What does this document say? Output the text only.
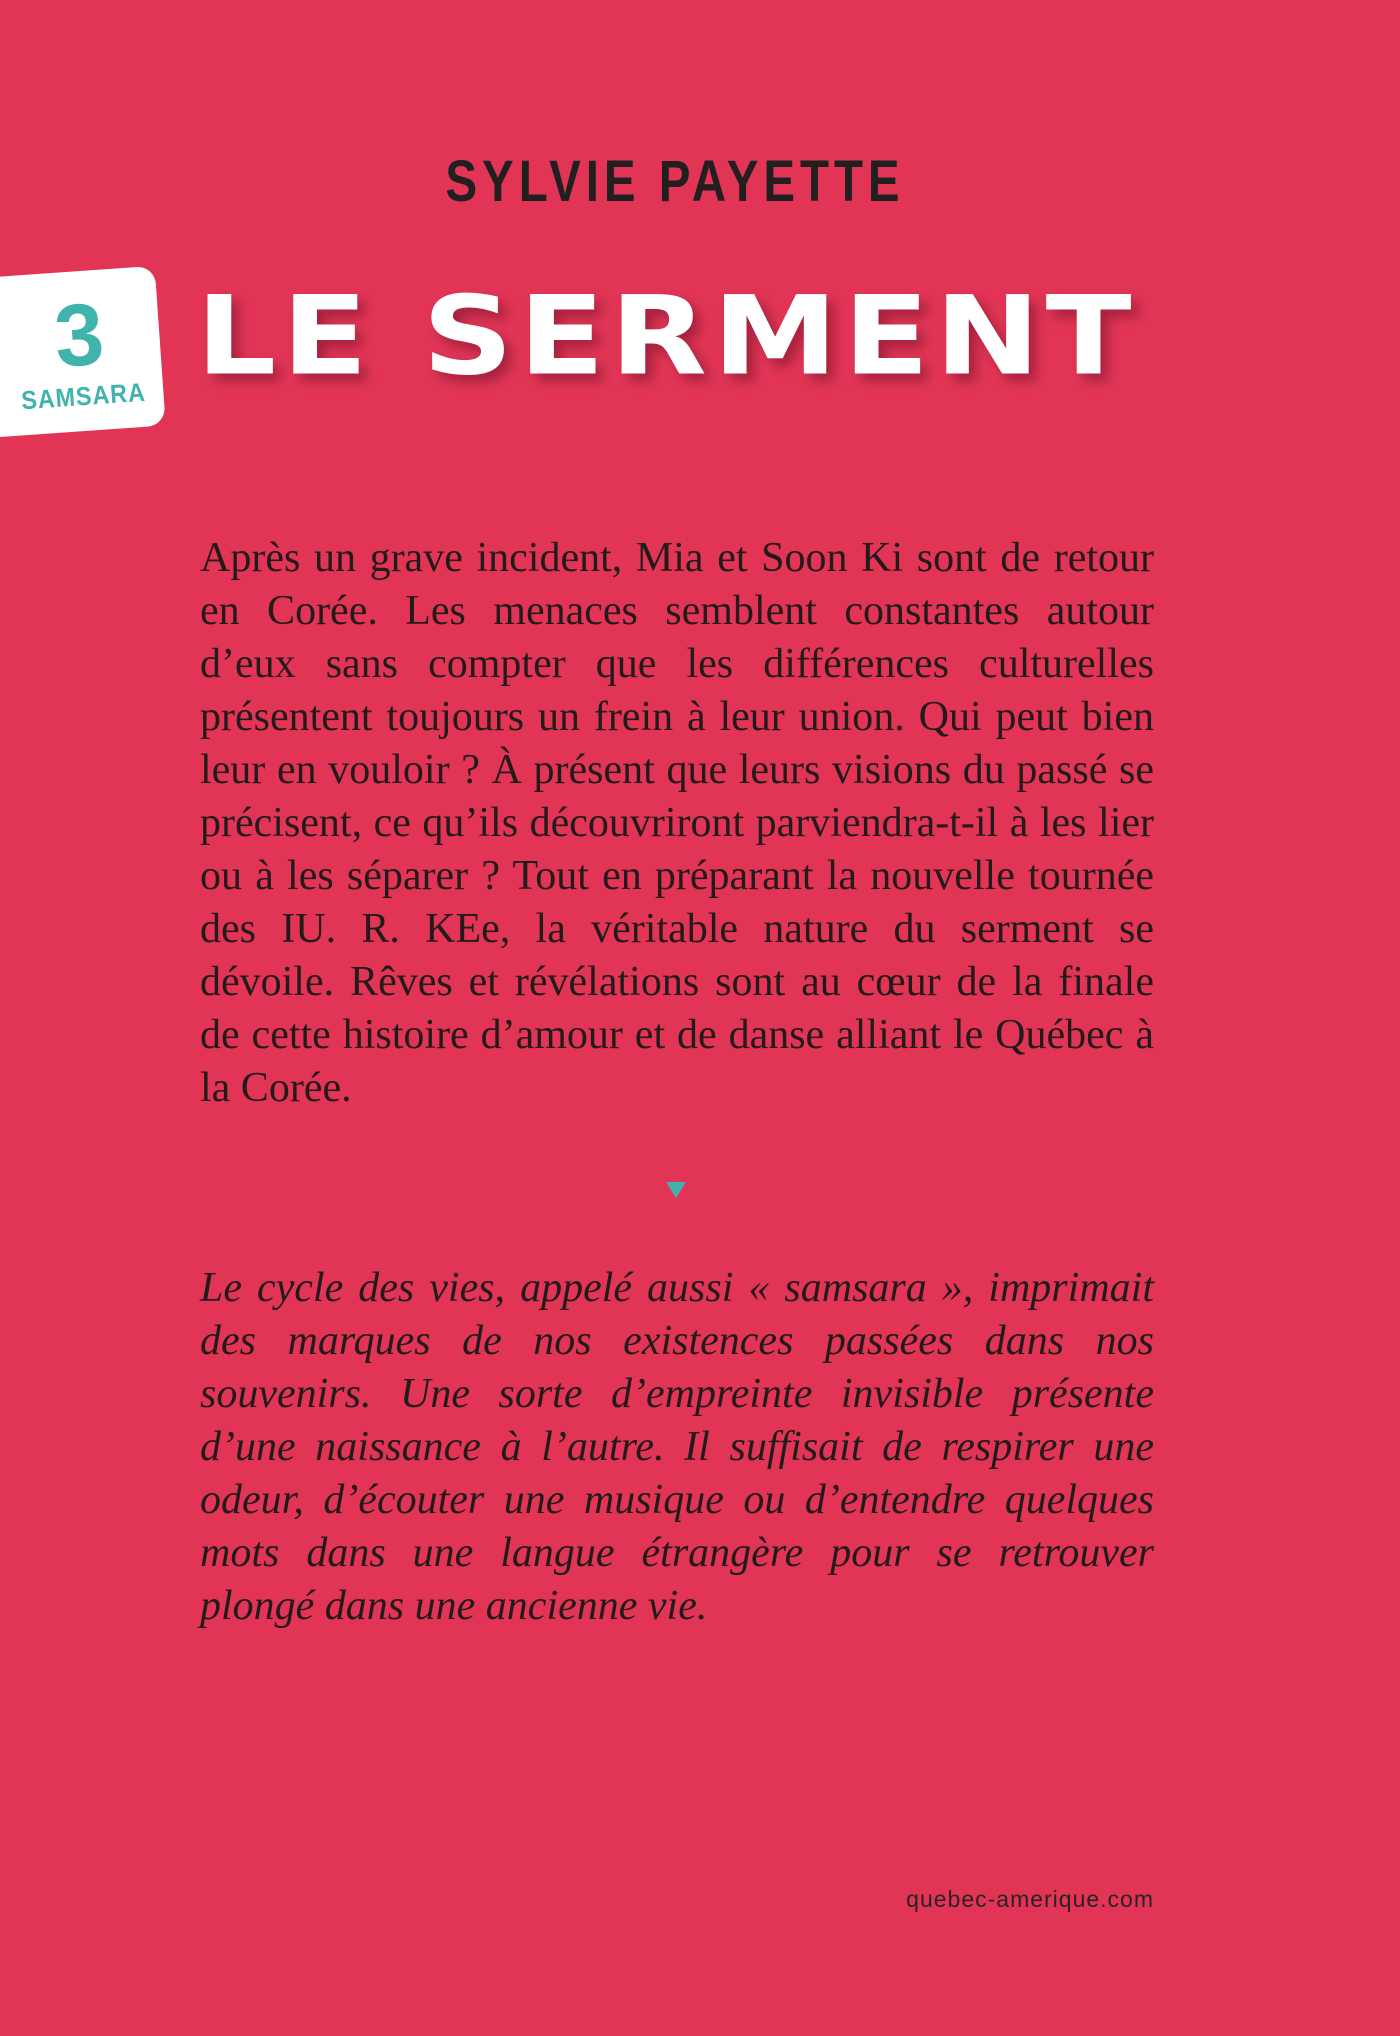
SYLVIE PAYETTE
3
SAMSARA LE SERMENT

Après un grave incident, Mia et Soon Ki sont de retour en Corée. Les menaces semblent constantes autour d’eux sans compter que les différences culturelles présentent toujours un frein à leur union. Qui peut bien leur en vouloir ? À présent que leurs visions du passé se précisent, ce qu’ils découvriront parviendra-t-il à les lier ou à les séparer ? Tout en préparant la nouvelle tournée des IU. R. KEe, la véritable nature du serment se dévoile. Rêves et révélations sont au cœur de la finale de cette histoire d’amour et de danse alliant le Québec à la Corée.

Le cycle des vies, appelé aussi « samsara », imprimait des marques de nos existences passées dans nos souvenirs. Une sorte d’empreinte invisible présente d’une naissance à l’autre. Il suffisait de respirer une odeur, d’écouter une musique ou d’entendre quelques mots dans une langue étrangère pour se retrouver plongé dans une ancienne vie.

quebec-amerique.com
